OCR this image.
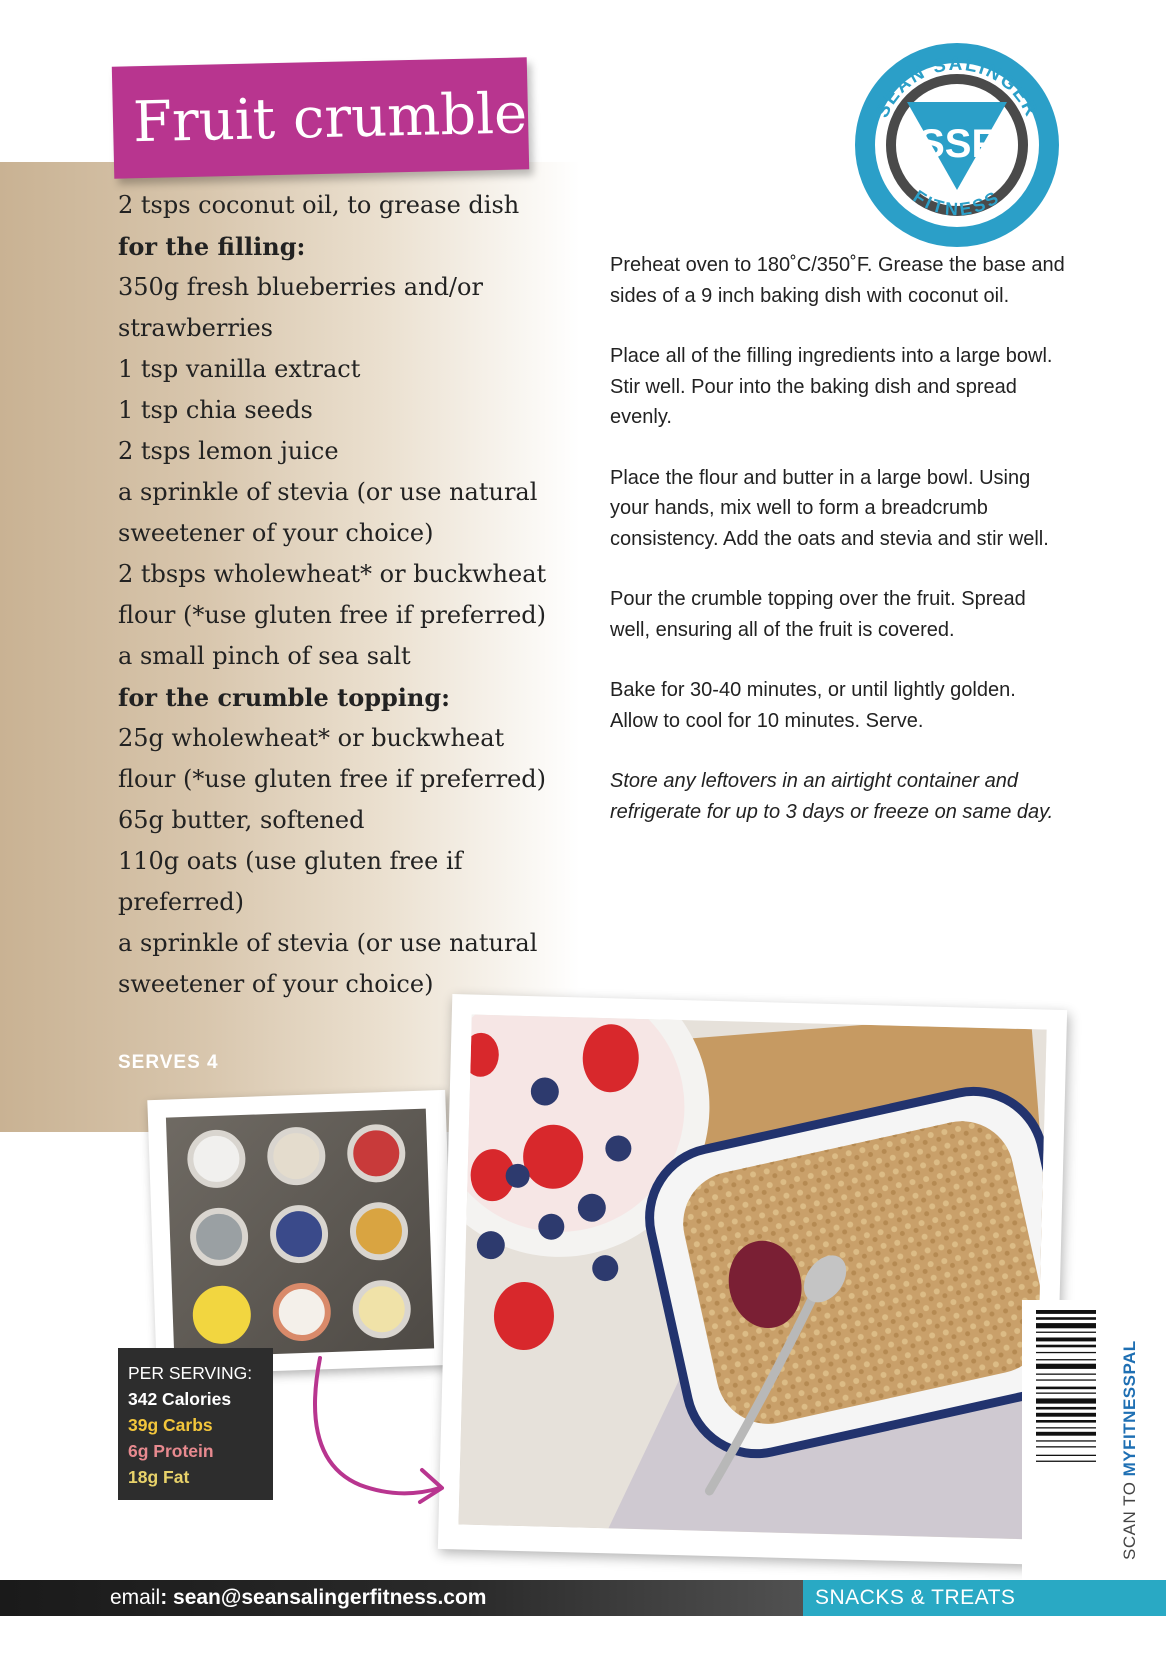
Fruit crumble	SSF
SEAN SALINGER
FITNESS
2 tsps coconut oil, to grease dish
for the filling:
350g fresh blueberries and/or
strawberries
1 tsp vanilla extract
1 tsp chia seeds
2 tsps lemon juice
a sprinkle of stevia (or use natural
sweetener of your choice)
2 tbsps wholewheat* or buckwheat
flour (*use gluten free if preferred)
a small pinch of sea salt
for the crumble topping:
25g wholewheat* or buckwheat
flour (*use gluten free if preferred)
65g butter, softened
110g oats (use gluten free if
preferred)
a sprinkle of stevia (or use natural
sweetener of your choice)
SERVES 4

Preheat oven to 180˚C/350˚F. Grease the base and sides of a 9 inch baking dish with coconut oil.

Place all of the filling ingredients into a large bowl. Stir well. Pour into the baking dish and spread evenly.

Place the flour and butter in a large bowl. Using your hands, mix well to form a breadcrumb consistency. Add the oats and stevia and stir well.

Pour the crumble topping over the fruit. Spread well, ensuring all of the fruit is covered.

Bake for 30-40 minutes, or until lightly golden. Allow to cool for 10 minutes. Serve.

Store any leftovers in an airtight container and refrigerate for up to 3 days or freeze on same day.

PER SERVING:
342 Calories
39g Carbs
6g Protein
18g Fat	SCAN TO MYFITNESSPAL
email: sean@seansalingerfitness.com	SNACKS & TREATS
